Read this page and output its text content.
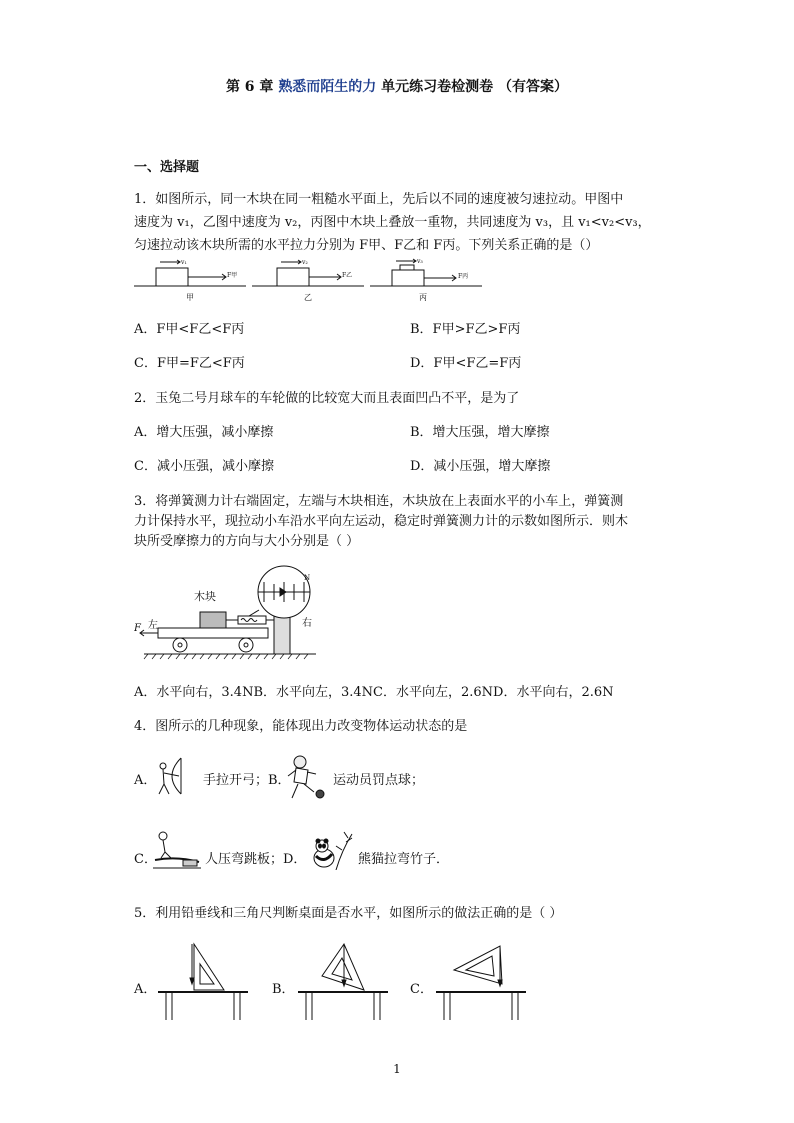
第 6 章 熟悉而陌生的力 单元练习卷检测卷 （有答案）
一、选择题
1．如图所示，同一木块在同一粗糙水平面上，先后以不同的速度被匀速拉动。甲图中
速度为 v₁，乙图中速度为 v₂，丙图中木块上叠放一重物，共同速度为 v₃，且 v₁<v₂<v₃，
匀速拉动该木块所需的水平拉力分别为 F甲、F乙和 F丙。下列关系正确的是（）
v₁
F甲
甲
v₂
F乙
乙
v₃
F丙
丙
A．F甲<F乙<F丙	B．F甲>F乙>F丙
C．F甲=F乙<F丙	D．F甲<F乙=F丙
2．玉兔二号月球车的车轮做的比较宽大而且表面凹凸不平，是为了
A．增大压强，减小摩擦	B．增大压强，增大摩擦
C．减小压强，减小摩擦	D．减小压强，增大摩擦
3．将弹簧测力计右端固定，左端与木块相连，木块放在上表面水平的小车上，弹簧测
力计保持水平，现拉动小车沿水平向左运动，稳定时弹簧测力计的示数如图所示．则木
块所受摩擦力的方向与大小分别是（ ）
木块
左	右
F
N
A．水平向右，3.4NB．水平向左，3.4NC．水平向左，2.6ND．水平向右，2.6N
4．图所示的几种现象，能体现出力改变物体运动状态的是
A．	手拉开弓；B．	运动员罚点球；
C．	人压弯跳板；D．	熊猫拉弯竹子．
5．利用铅垂线和三角尺判断桌面是否水平，如图所示的做法正确的是（ ）
A．	B．	C．
1
